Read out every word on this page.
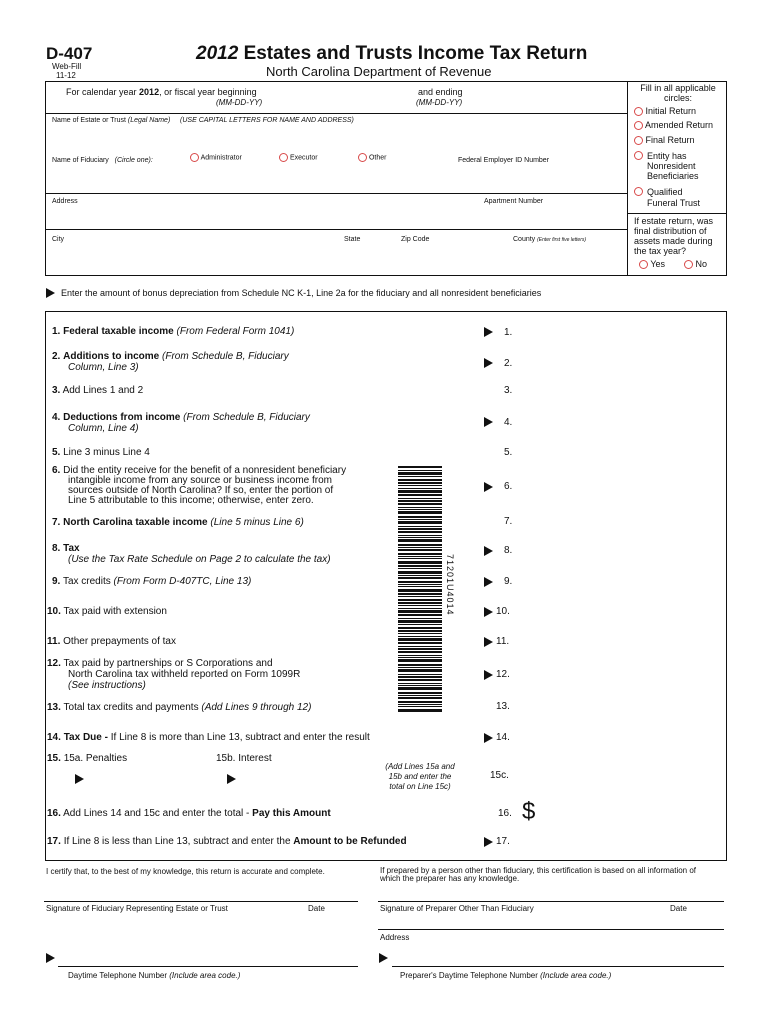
D-407
Web-Fill
11-12
2012 Estates and Trusts Income Tax Return
North Carolina Department of Revenue
For calendar year 2012, or fiscal year beginning
(MM-DD-YY)
and ending
(MM-DD-YY)
Name of Estate or Trust (Legal Name) (USE CAPITAL LETTERS FOR NAME AND ADDRESS)
Name of Fiduciary (Circle one):	Administrator	Executor	Other	Federal Employer ID Number
Address	Apartment Number
City	State	Zip Code	County (Enter first five letters)
Fill in all applicable circles:
Initial Return
Amended Return
Final Return
Entity has Nonresident Beneficiaries
Qualified Funeral Trust
If estate return, was final distribution of assets made during the tax year?
Yes	No
Enter the amount of bonus depreciation from Schedule NC K-1, Line 2a for the fiduciary and all nonresident beneficiaries
1. Federal taxable income (From Federal Form 1041)	1.
2. Additions to income (From Schedule B, Fiduciary
Column, Line 3)	2.
3. Add Lines 1 and 2	3.
4. Deductions from income (From Schedule B, Fiduciary
Column, Line 4)
4.
5. Line 3 minus Line 4	5.
6. Did the entity receive for the benefit of a nonresident beneficiary
intangible income from any source or business income from
sources outside of North Carolina? If so, enter the portion of
Line 5 attributable to this income; otherwise, enter zero.
6.
7. North Carolina taxable income (Line 5 minus Line 6)	7.
8. Tax
(Use the Tax Rate Schedule on Page 2 to calculate the tax)
8.
9. Tax credits (From Form D-407TC, Line 13)	9.
10. Tax paid with extension	10.
11. Other prepayments of tax	11.
12. Tax paid by partnerships or S Corporations and
North Carolina tax withheld reported on Form 1099R
(See instructions)
12.
13. Total tax credits and payments (Add Lines 9 through 12)	13.
14. Tax Due - If Line 8 is more than Line 13, subtract and enter the result	14.
15. 15a. Penalties	15b. Interest
(Add Lines 15a and
15b and enter the
total on Line 15c)
15c.
16. Add Lines 14 and 15c and enter the total - Pay this Amount	16. $
17. If Line 8 is less than Line 13, subtract and enter the Amount to be Refunded	17.
71201U4014
I certify that, to the best of my knowledge, this return is accurate and complete.	If prepared by a person other than fiduciary, this certification is based on all information of which the preparer has any knowledge.
Signature of Fiduciary Representing Estate or Trust	Date	Signature of Preparer Other Than Fiduciary	Date
Address
Daytime Telephone Number (Include area code.)	Preparer's Daytime Telephone Number (Include area code.)
